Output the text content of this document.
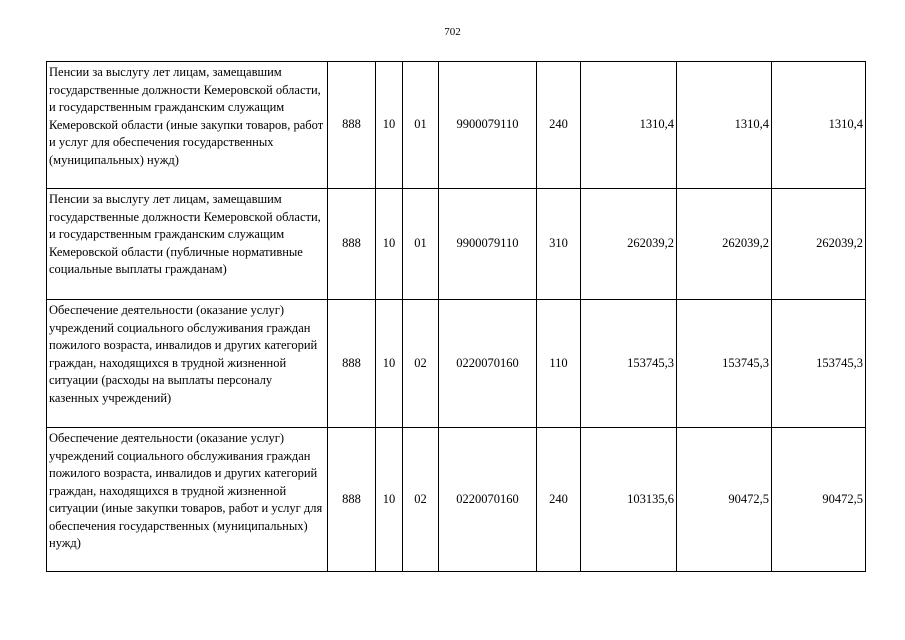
702
Пенсии за выслугу лет лицам, замещавшим государственные должности Кемеровской области, и государственным гражданским служащим Кемеровской области (иные закупки товаров, работ и услуг для обеспечения государственных (муниципальных) нужд)	888	10	01	9900079110	240	1310,4	1310,4	1310,4
Пенсии за выслугу лет лицам, замещавшим государственные должности Кемеровской области, и государственным гражданским служащим Кемеровской области (публичные нормативные социальные выплаты гражданам)	888	10	01	9900079110	310	262039,2	262039,2	262039,2
Обеспечение деятельности (оказание услуг) учреждений социального обслуживания граждан пожилого возраста, инвалидов и других категорий граждан, находящихся в трудной жизненной ситуации (расходы на выплаты персоналу казенных учреждений)	888	10	02	0220070160	110	153745,3	153745,3	153745,3
Обеспечение деятельности (оказание услуг) учреждений социального обслуживания граждан пожилого возраста, инвалидов и других категорий граждан, находящихся в трудной жизненной ситуации (иные закупки товаров, работ и услуг для обеспечения государственных (муниципальных) нужд)	888	10	02	0220070160	240	103135,6	90472,5	90472,5
